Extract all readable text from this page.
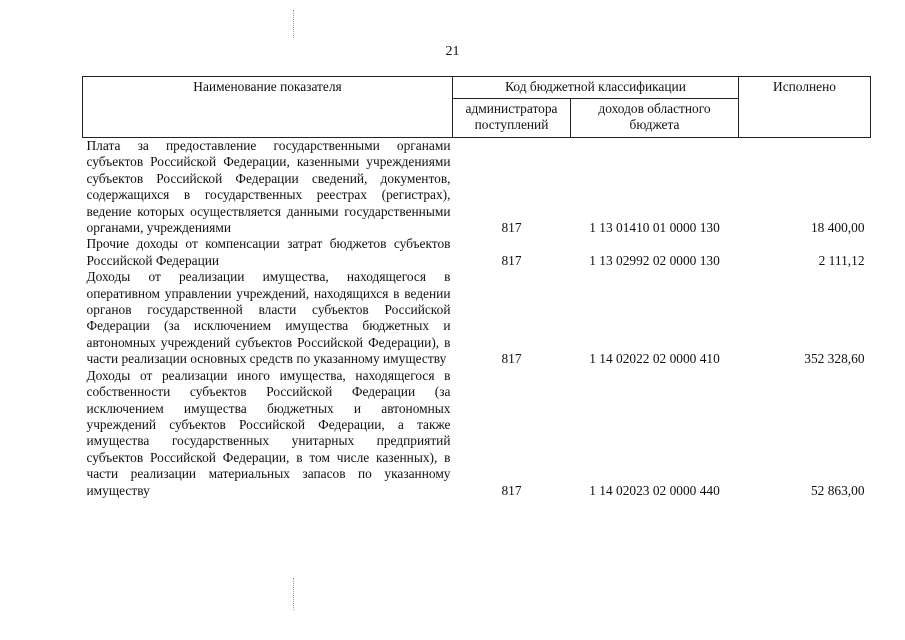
21
Наименование показателя	Код бюджетной классификации		Исполнено
	администратора поступлений	доходов областного бюджета	
Плата за предоставление государственными органами субъектов Российской Федерации, казенными учреждениями субъектов Российской Федерации сведений, документов, содержащихся в государственных реестрах (регистрах), ведение которых осуществляется данными государственными органами, учреждениями	817	1 13 01410 01 0000 130	18 400,00
Прочие доходы от компенсации затрат бюджетов субъектов Российской Федерации	817	1 13 02992 02 0000 130	2 111,12
Доходы от реализации имущества, находящегося в оперативном управлении учреждений, находящихся в ведении органов государственной власти субъектов Российской Федерации (за исключением имущества бюджетных и автономных учреждений субъектов Российской Федерации), в части реализации основных средств по указанному имуществу	817	1 14 02022 02 0000 410	352 328,60
Доходы от реализации иного имущества, находящегося в собственности субъектов Российской Федерации (за исключением имущества бюджетных и автономных учреждений субъектов Российской Федерации, а также имущества государственных унитарных предприятий субъектов Российской Федерации, в том числе казенных), в части реализации материальных запасов по указанному имуществу	817	1 14 02023 02 0000 440	52 863,00
